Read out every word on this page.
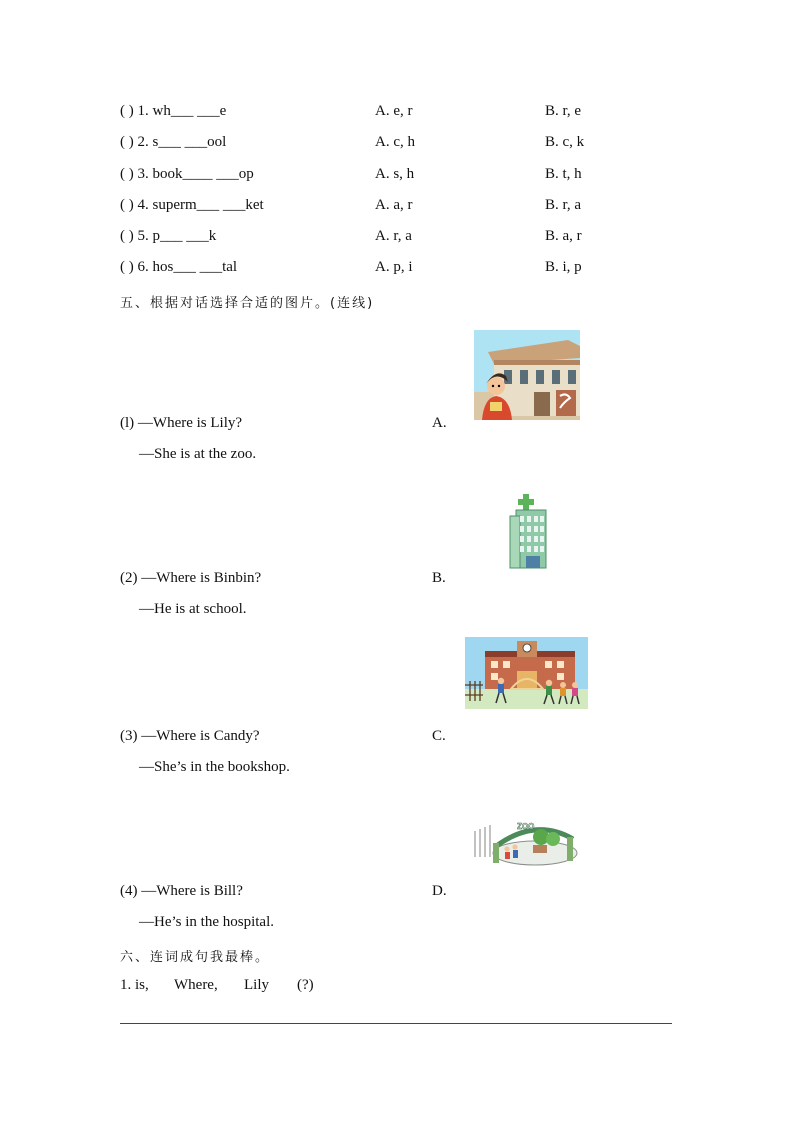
( ) 1. wh___ ___e	A. e, r	B. r, e
( ) 2. s___ ___ool	A. c, h	B. c, k
( ) 3. book____ ___op	A. s, h	B. t, h
( ) 4. superm___ ___ket	A. a, r	B. r, a
( ) 5. p___ ___k	A. r, a	B. a, r
( ) 6. hos___ ___tal	A. p, i	B. i, p
五、根据对话选择合适的图片。(连线)
(l) —Where is Lily?
—She is at the zoo.
A.
(2) —Where is Binbin?
—He is at school.
B.
(3) —Where is Candy?
—She’s in the bookshop.
C.
(4) —Where is Bill?
—He’s in the hospital.
D.
ZOO
六、连词成句我最棒。
1. is, Where, Lily (?)
